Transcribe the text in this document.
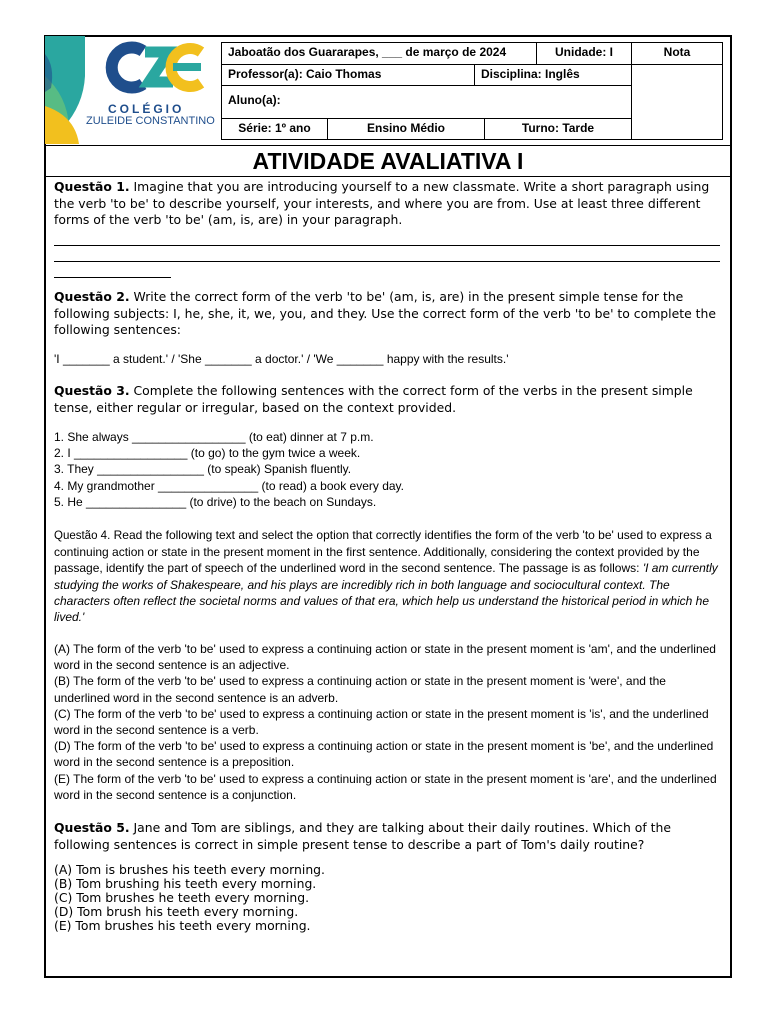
COLÉGIO
ZULEIDE CONSTANTINO
Jaboatão dos Guararapes, ___ de março de 2024	Unidade: I	Nota
Professor(a): Caio Thomas	Disciplina: Inglês
Aluno(a):
Série: 1º ano	Ensino Médio	Turno: Tarde
ATIVIDADE AVALIATIVA I
Questão 1. Imagine that you are introducing yourself to a new classmate. Write a short paragraph using the verb 'to be' to describe yourself, your interests, and where you are from. Use at least three different forms of the verb 'to be' (am, is, are) in your paragraph.
Questão 2. Write the correct form of the verb 'to be' (am, is, are) in the present simple tense for the following subjects: I, he, she, it, we, you, and they. Use the correct form of the verb 'to be' to complete the following sentences:
'I _______ a student.' / 'She _______ a doctor.' / 'We _______ happy with the results.'
Questão 3. Complete the following sentences with the correct form of the verbs in the present simple tense, either regular or irregular, based on the context provided.
1. She always _________________ (to eat) dinner at 7 p.m.
2. I _________________ (to go) to the gym twice a week.
3. They ________________ (to speak) Spanish fluently.
4. My grandmother _______________ (to read) a book every day.
5. He _______________ (to drive) to the beach on Sundays.
Questão 4. Read the following text and select the option that correctly identifies the form of the verb 'to be' used to express a continuing action or state in the present moment in the first sentence. Additionally, considering the context provided by the passage, identify the part of speech of the underlined word in the second sentence. The passage is as follows: 'I am currently studying the works of Shakespeare, and his plays are incredibly rich in both language and sociocultural context. The characters often reflect the societal norms and values of that era, which help us understand the historical period in which he lived.'
(A) The form of the verb 'to be' used to express a continuing action or state in the present moment is 'am', and the underlined word in the second sentence is an adjective.
(B) The form of the verb 'to be' used to express a continuing action or state in the present moment is 'were', and the underlined word in the second sentence is an adverb.
(C) The form of the verb 'to be' used to express a continuing action or state in the present moment is 'is', and the underlined word in the second sentence is a verb.
(D) The form of the verb 'to be' used to express a continuing action or state in the present moment is 'be', and the underlined word in the second sentence is a preposition.
(E) The form of the verb 'to be' used to express a continuing action or state in the present moment is 'are', and the underlined word in the second sentence is a conjunction.
Questão 5. Jane and Tom are siblings, and they are talking about their daily routines. Which of the following sentences is correct in simple present tense to describe a part of Tom's daily routine?
(A) Tom is brushes his teeth every morning.
(B) Tom brushing his teeth every morning.
(C) Tom brushes he teeth every morning.
(D) Tom brush his teeth every morning.
(E) Tom brushes his teeth every morning.
